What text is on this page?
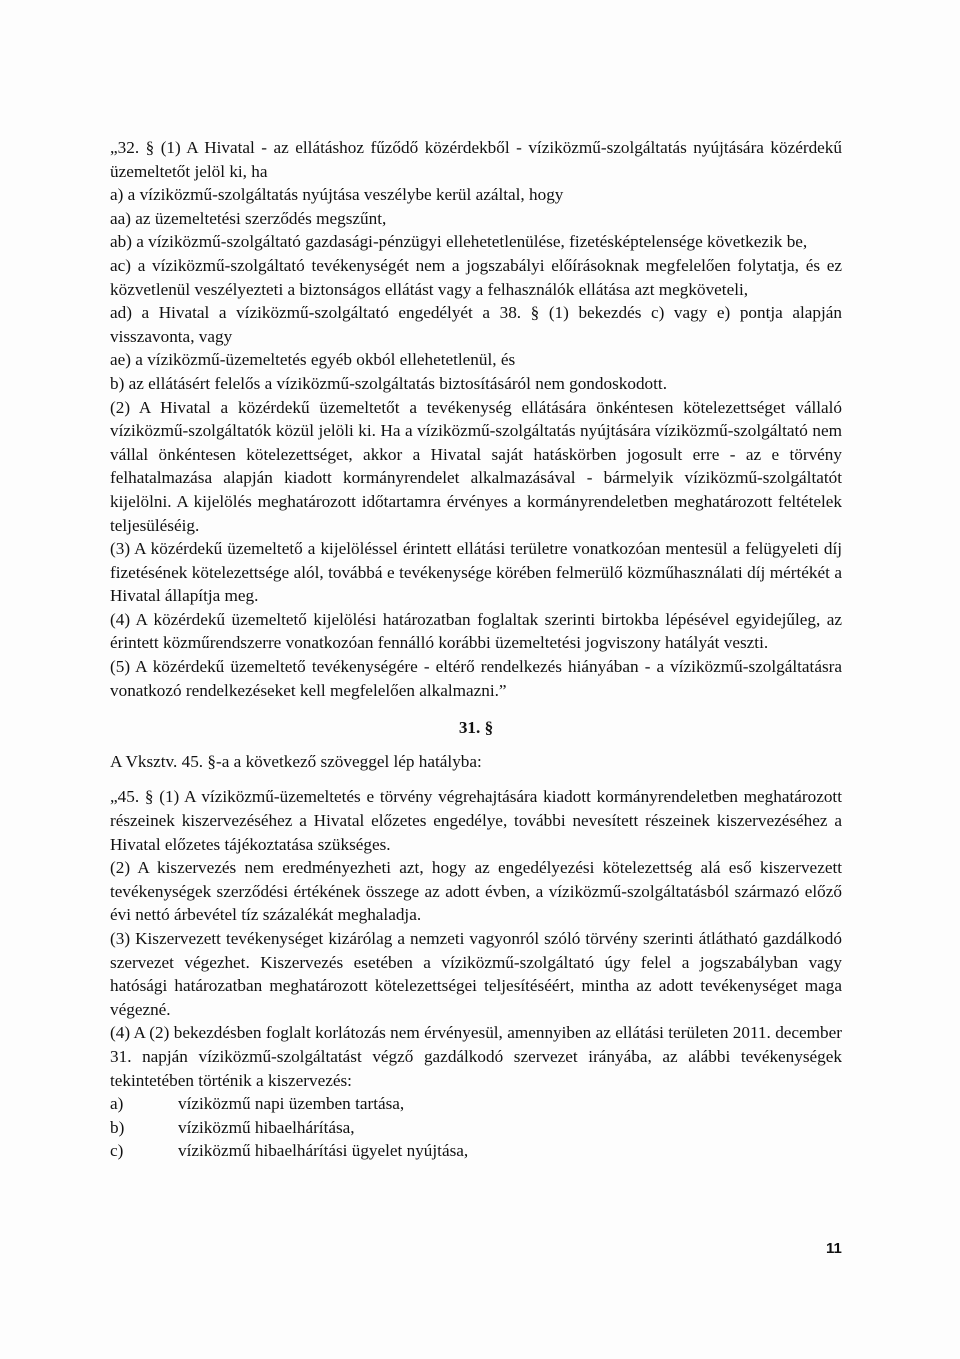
„32. § (1) A Hivatal - az ellátáshoz fűződő közérdekből - víziközmű-szolgáltatás nyújtására közérdekű üzemeltetőt jelöl ki, ha

a) a víziközmű-szolgáltatás nyújtása veszélybe kerül azáltal, hogy

aa) az üzemeltetési szerződés megszűnt,

ab) a víziközmű-szolgáltató gazdasági-pénzügyi ellehetetlenülése, fizetésképtelensége következik be,

ac) a víziközmű-szolgáltató tevékenységét nem a jogszabályi előírásoknak megfelelően folytatja, és ez közvetlenül veszélyezteti a biztonságos ellátást vagy a felhasználók ellátása azt megköveteli,

ad) a Hivatal a víziközmű-szolgáltató engedélyét a 38. § (1) bekezdés c) vagy e) pontja alapján visszavonta, vagy

ae) a víziközmű-üzemeltetés egyéb okból ellehetetlenül, és

b) az ellátásért felelős a víziközmű-szolgáltatás biztosításáról nem gondoskodott.

(2) A Hivatal a közérdekű üzemeltetőt a tevékenység ellátására önkéntesen kötelezettséget vállaló víziközmű-szolgáltatók közül jelöli ki. Ha a víziközmű-szolgáltatás nyújtására víziközmű-szolgáltató nem vállal önkéntesen kötelezettséget, akkor a Hivatal saját hatáskörben jogosult erre - az e törvény felhatalmazása alapján kiadott kormányrendelet alkalmazásával - bármelyik víziközmű-szolgáltatót kijelölni. A kijelölés meghatározott időtartamra érvényes a kormányrendeletben meghatározott feltételek teljesüléséig.

(3) A közérdekű üzemeltető a kijelöléssel érintett ellátási területre vonatkozóan mentesül a felügyeleti díj fizetésének kötelezettsége alól, továbbá e tevékenysége körében felmerülő közműhasználati díj mértékét a Hivatal állapítja meg.

(4) A közérdekű üzemeltető kijelölési határozatban foglaltak szerinti birtokba lépésével egyidejűleg, az érintett közműrendszerre vonatkozóan fennálló korábbi üzemeltetési jogviszony hatályát veszti.

(5) A közérdekű üzemeltető tevékenységére - eltérő rendelkezés hiányában - a víziközmű-szolgáltatásra vonatkozó rendelkezéseket kell megfelelően alkalmazni.”

31. §

A Vksztv. 45. §-a a következő szöveggel lép hatályba:

„45. § (1) A víziközmű-üzemeltetés e törvény végrehajtására kiadott kormányrendeletben meghatározott részeinek kiszervezéséhez a Hivatal előzetes engedélye, további nevesített részeinek kiszervezéséhez a Hivatal előzetes tájékoztatása szükséges.

(2) A kiszervezés nem eredményezheti azt, hogy az engedélyezési kötelezettség alá eső kiszervezett tevékenységek szerződési értékének összege az adott évben, a víziközmű-szolgáltatásból származó előző évi nettó árbevétel tíz százalékát meghaladja.

(3) Kiszervezett tevékenységet kizárólag a nemzeti vagyonról szóló törvény szerinti átlátható gazdálkodó szervezet végezhet. Kiszervezés esetében a víziközmű-szolgáltató úgy felel a jogszabályban vagy hatósági határozatban meghatározott kötelezettségei teljesítéséért, mintha az adott tevékenységet maga végezné.

(4) A (2) bekezdésben foglalt korlátozás nem érvényesül, amennyiben az ellátási területen 2011. december 31. napján víziközmű-szolgáltatást végző gazdálkodó szervezet irányába, az alábbi tevékenységek tekintetében történik a kiszervezés:

a)	víziközmű napi üzemben tartása,
b)	víziközmű hibaelhárítása,
c)	víziközmű hibaelhárítási ügyelet nyújtása,
11
